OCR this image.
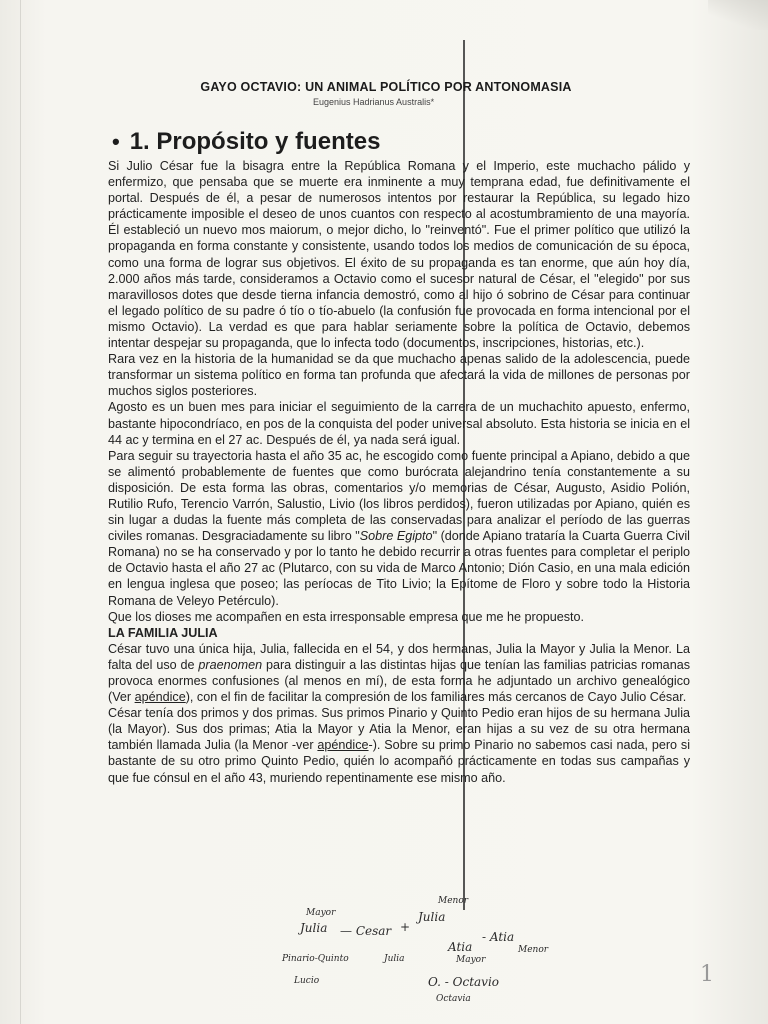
GAYO OCTAVIO: UN ANIMAL POLÍTICO POR ANTONOMASIA
Eugenius Hadrianus Australis*
• 1. Propósito y fuentes

Si Julio César fue la bisagra entre la República Romana y el Imperio, este muchacho pálido y enfermizo, que pensaba que se muerte era inminente a muy temprana edad, fue definitivamente el portal. Después de él, a pesar de numerosos intentos por restaurar la República, su legado hizo prácticamente imposible el deseo de unos cuantos con respecto al acostumbramiento de una mayoría. Él estableció un nuevo mos maiorum, o mejor dicho, lo "reinventó". Fue el primer político que utilizó la propaganda en forma constante y consistente, usando todos los medios de comunicación de su época, como una forma de lograr sus objetivos. El éxito de su propaganda es tan enorme, que aún hoy día, 2.000 años más tarde, consideramos a Octavio como el sucesor natural de César, el "elegido" por sus maravillosos dotes que desde tierna infancia demostró, como al hijo ó sobrino de César para continuar el legado político de su padre ó tío o tío-abuelo (la confusión fue provocada en forma intencional por el mismo Octavio). La verdad es que para hablar seriamente sobre la política de Octavio, debemos intentar despejar su propaganda, que lo infecta todo (documentos, inscripciones, historias, etc.).

Rara vez en la historia de la humanidad se da que muchacho apenas salido de la adolescencia, puede transformar un sistema político en forma tan profunda que afectará la vida de millones de personas por muchos siglos posteriores.

Agosto es un buen mes para iniciar el seguimiento de la carrera de un muchachito apuesto, enfermo, bastante hipocondríaco, en pos de la conquista del poder universal absoluto. Esta historia se inicia en el 44 ac y termina en el 27 ac. Después de él, ya nada será igual.

Para seguir su trayectoria hasta el año 35 ac, he escogido como fuente principal a Apiano, debido a que se alimentó probablemente de fuentes que como burócrata alejandrino tenía constantemente a su disposición. De esta forma las obras, comentarios y/o memorias de César, Augusto, Asidio Polión, Rutilio Rufo, Terencio Varrón, Salustio, Livio (los libros perdidos), fueron utilizadas por Apiano, quién es sin lugar a dudas la fuente más completa de las conservadas para analizar el período de las guerras civiles romanas. Desgraciadamente su libro "Sobre Egipto" (donde Apiano trataría la Cuarta Guerra Civil Romana) no se ha conservado y por lo tanto he debido recurrir a otras fuentes para completar el periplo de Octavio hasta el año 27 ac (Plutarco, con su vida de Marco Antonio; Dión Casio, en una mala edición en lengua inglesa que poseo; las períocas de Tito Livio; la Epítome de Floro y sobre todo la Historia Romana de Veleyo Petérculo).

Que los dioses me acompañen en esta irresponsable empresa que me he propuesto.

LA FAMILIA JULIA

César tuvo una única hija, Julia, fallecida en el 54, y dos hermanas, Julia la Mayor y Julia la Menor. La falta del uso de praenomen para distinguir a las distintas hijas que tenían las familias patricias romanas provoca enormes confusiones (al menos en mí), de esta forma he adjuntado un archivo genealógico (Ver apéndice), con el fin de facilitar la compresión de los familiares más cercanos de Cayo Julio César.

César tenía dos primos y dos primas. Sus primos Pinario y Quinto Pedio eran hijos de su hermana Julia (la Mayor). Sus dos primas; Atia la Mayor y Atia la Menor, eran hijas a su vez de su otra hermana también llamada Julia (la Menor -ver apéndice-). Sobre su primo Pinario no sabemos casi nada, pero si bastante de su otro primo Quinto Pedio, quién lo acompañó prácticamente en todas sus campañas y que fue cónsul en el año 43, muriendo repentinamente ese mismo año.

Mayor
Julia — Cesar +
Menor
Julia
Pinario-Quinto	Julia
Atia
Mayor
- Atia
Menor
Lucio	O. - Octavio
Octavia
1
